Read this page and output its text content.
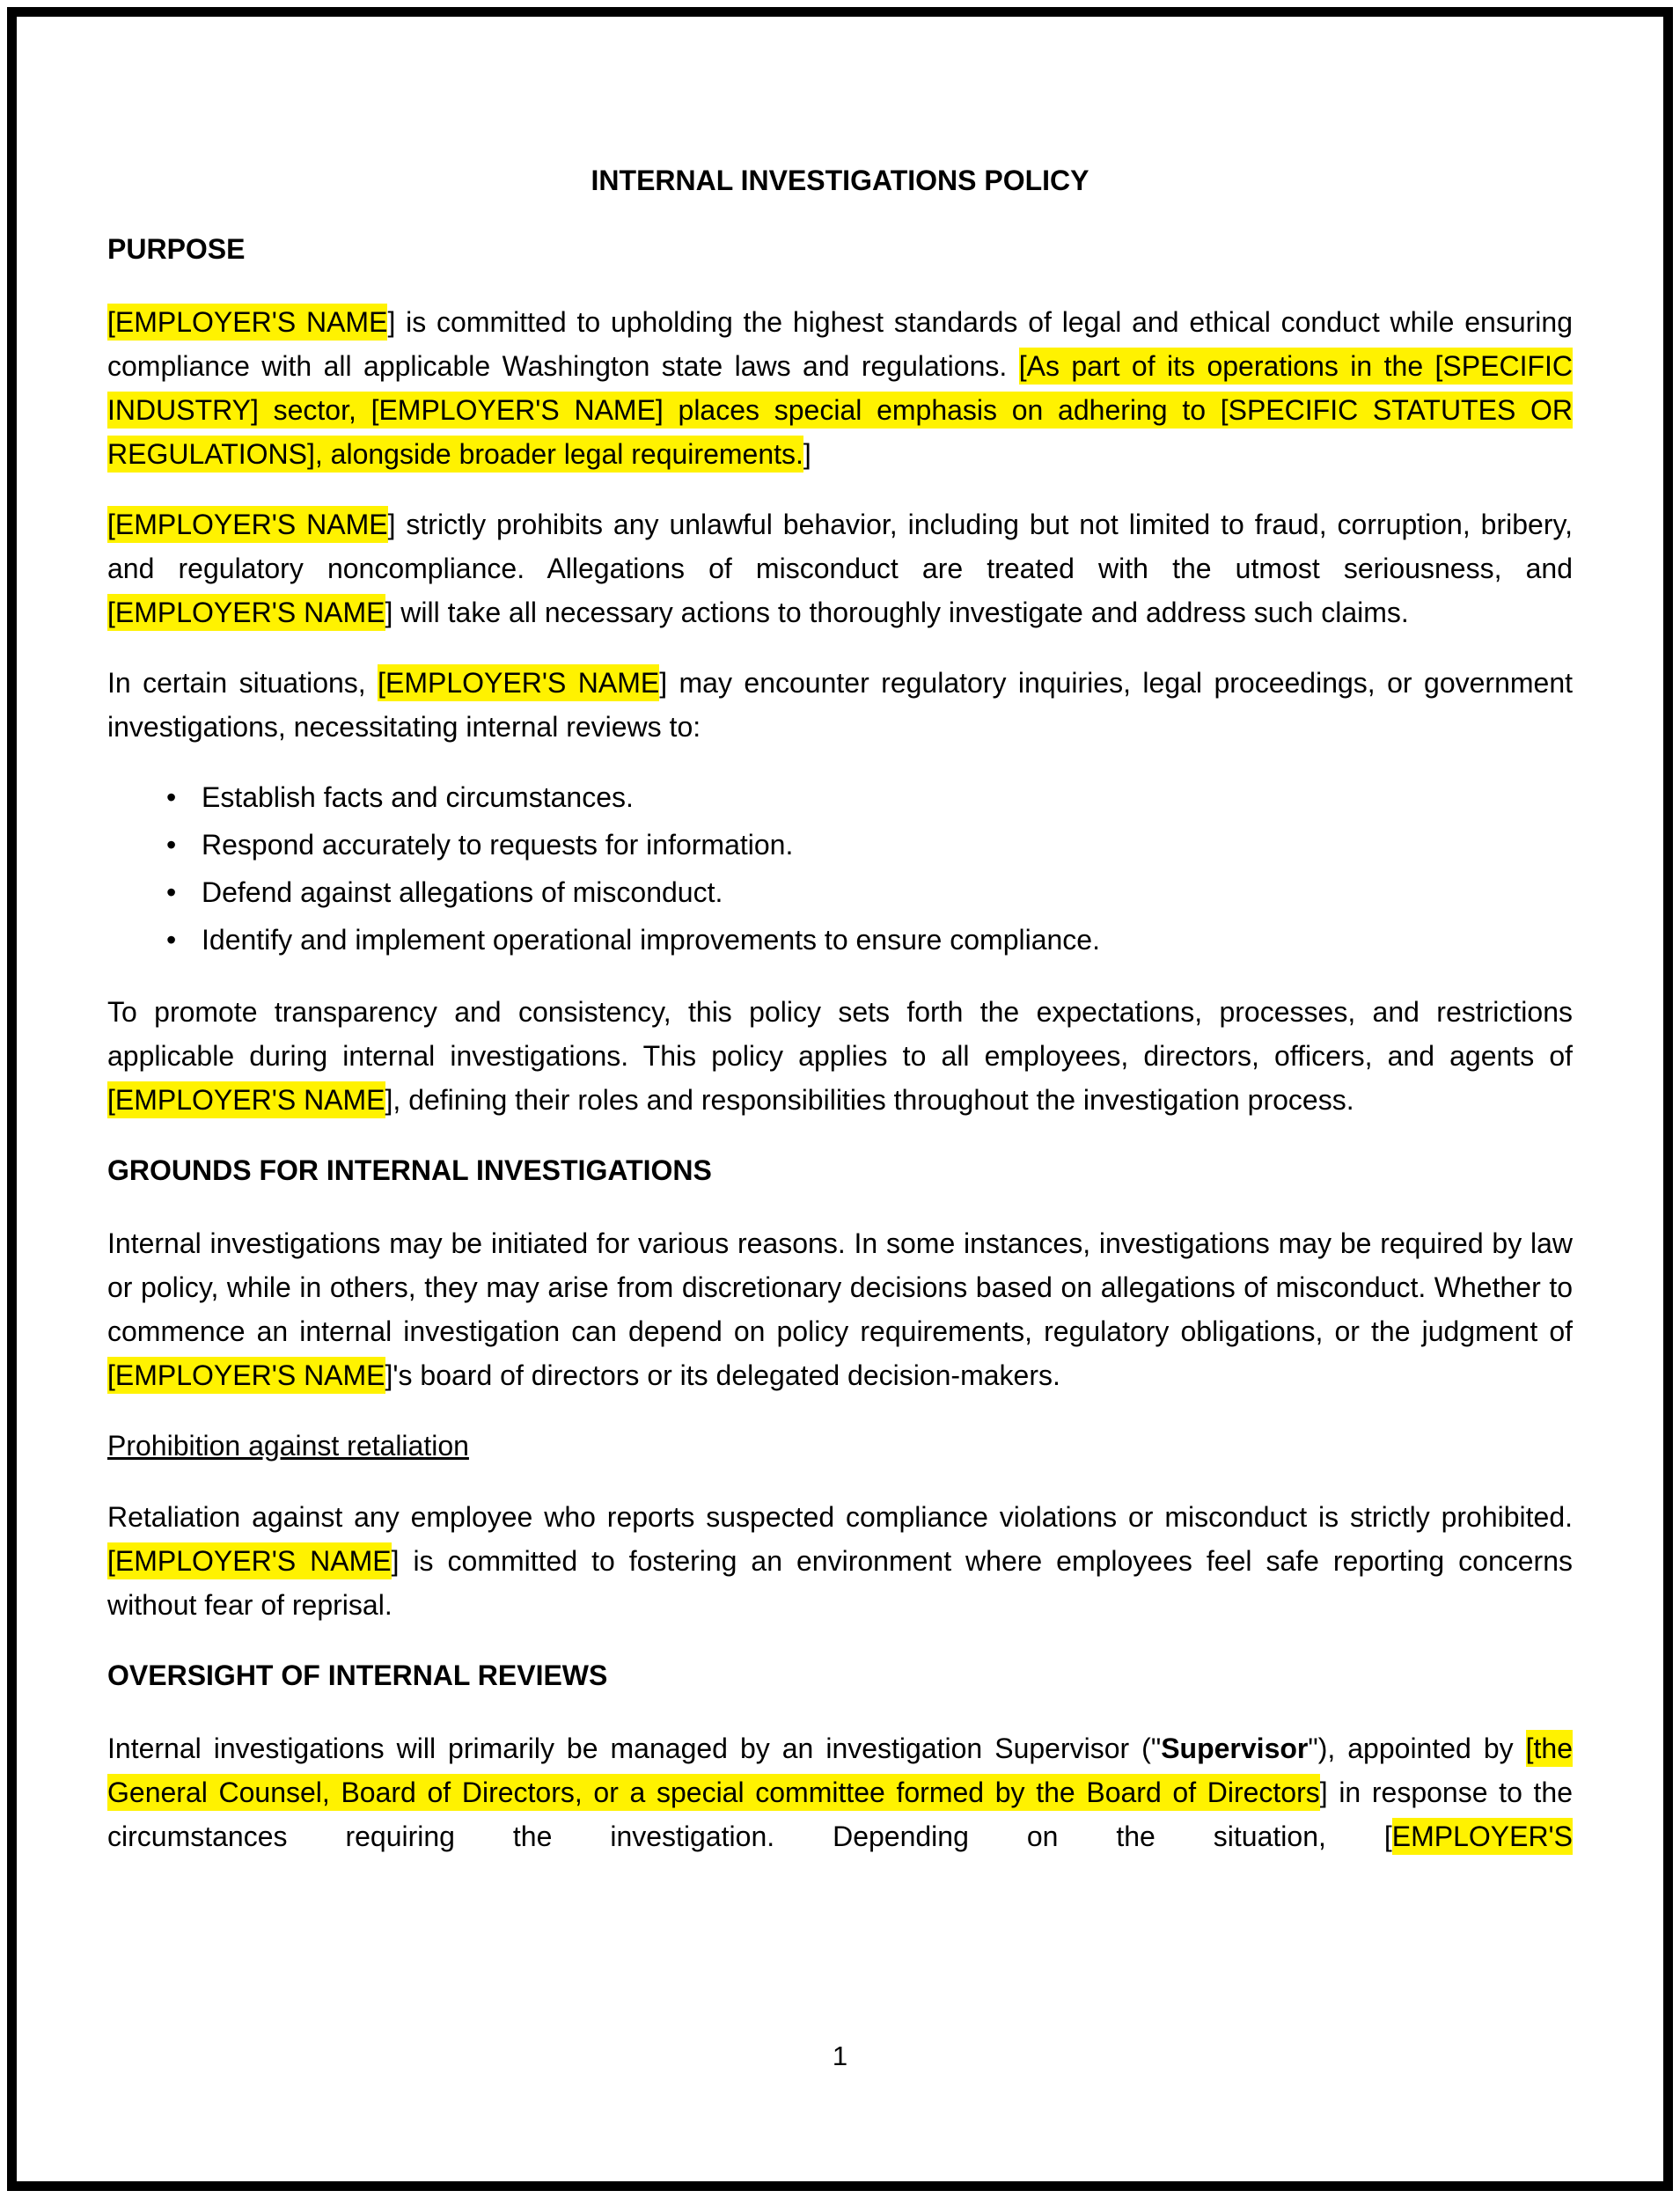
INTERNAL INVESTIGATIONS POLICY

PURPOSE

[EMPLOYER'S NAME] is committed to upholding the highest standards of legal and ethical conduct while ensuring compliance with all applicable Washington state laws and regulations. [As part of its operations in the [SPECIFIC INDUSTRY] sector, [EMPLOYER'S NAME] places special emphasis on adhering to [SPECIFIC STATUTES OR REGULATIONS], alongside broader legal requirements.]

[EMPLOYER'S NAME] strictly prohibits any unlawful behavior, including but not limited to fraud, corruption, bribery, and regulatory noncompliance. Allegations of misconduct are treated with the utmost seriousness, and [EMPLOYER'S NAME] will take all necessary actions to thoroughly investigate and address such claims.

In certain situations, [EMPLOYER'S NAME] may encounter regulatory inquiries, legal proceedings, or government investigations, necessitating internal reviews to:

• Establish facts and circumstances.
• Respond accurately to requests for information.
• Defend against allegations of misconduct.
• Identify and implement operational improvements to ensure compliance.

To promote transparency and consistency, this policy sets forth the expectations, processes, and restrictions applicable during internal investigations. This policy applies to all employees, directors, officers, and agents of [EMPLOYER'S NAME], defining their roles and responsibilities throughout the investigation process.

GROUNDS FOR INTERNAL INVESTIGATIONS

Internal investigations may be initiated for various reasons. In some instances, investigations may be required by law or policy, while in others, they may arise from discretionary decisions based on allegations of misconduct. Whether to commence an internal investigation can depend on policy requirements, regulatory obligations, or the judgment of [EMPLOYER'S NAME]'s board of directors or its delegated decision-makers.

Prohibition against retaliation

Retaliation against any employee who reports suspected compliance violations or misconduct is strictly prohibited. [EMPLOYER'S NAME] is committed to fostering an environment where employees feel safe reporting concerns without fear of reprisal.

OVERSIGHT OF INTERNAL REVIEWS

Internal investigations will primarily be managed by an investigation Supervisor ("Supervisor"), appointed by [the General Counsel, Board of Directors, or a special committee formed by the Board of Directors] in response to the circumstances requiring the investigation. Depending on the situation, [EMPLOYER'S

1
